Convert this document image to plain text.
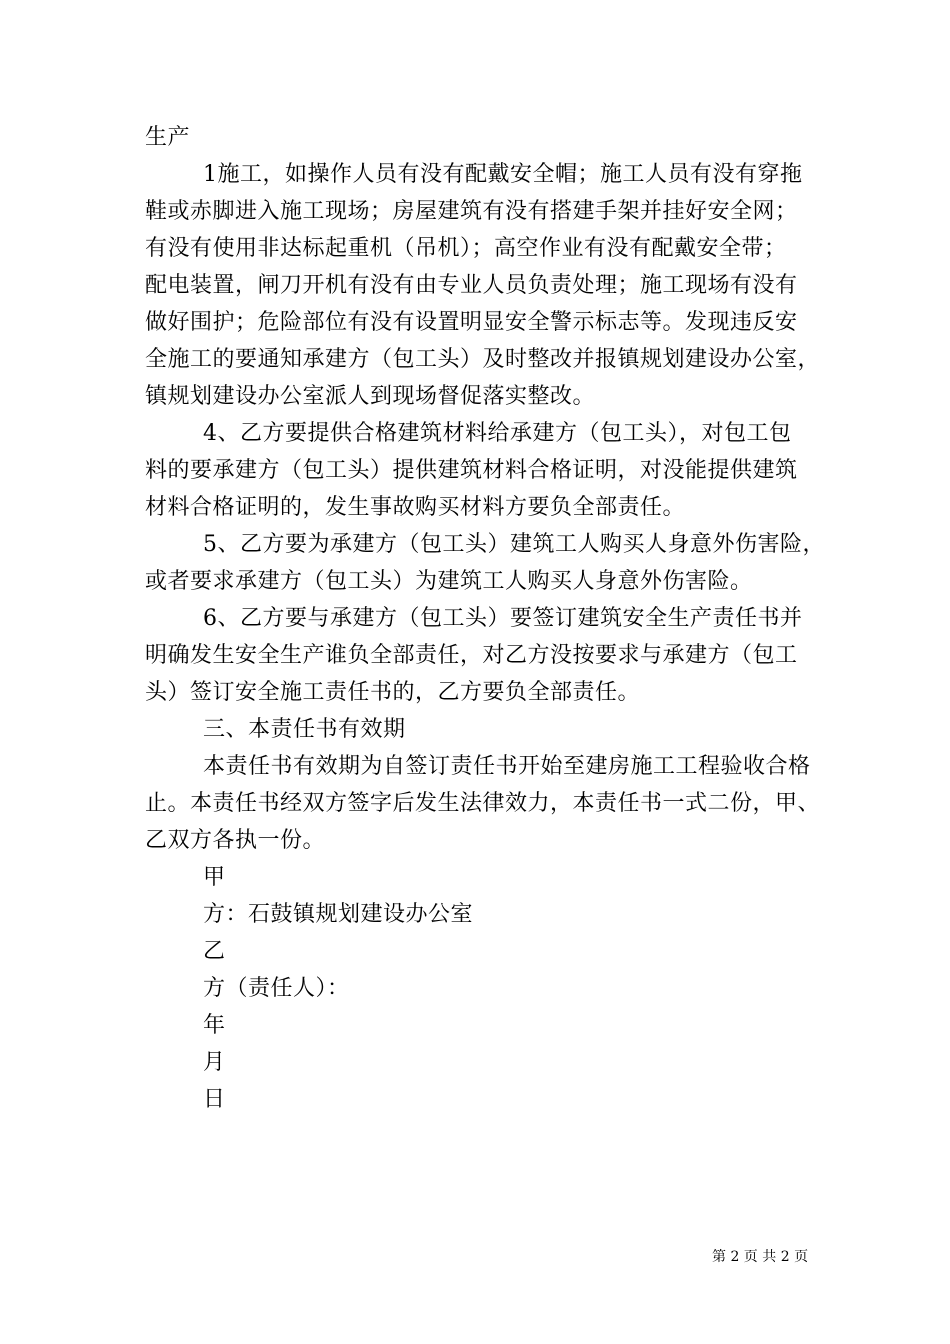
生产
1施工，如操作人员有没有配戴安全帽；施工人员有没有穿拖
鞋或赤脚进入施工现场；房屋建筑有没有搭建手架并挂好安全网；
有没有使用非达标起重机（吊机）；高空作业有没有配戴安全带；
配电装置，闸刀开机有没有由专业人员负责处理；施工现场有没有
做好围护；危险部位有没有设置明显安全警示标志等。发现违反安
全施工的要通知承建方（包工头）及时整改并报镇规划建设办公室，
镇规划建设办公室派人到现场督促落实整改。
4、乙方要提供合格建筑材料给承建方（包工头），对包工包
料的要承建方（包工头）提供建筑材料合格证明，对没能提供建筑
材料合格证明的，发生事故购买材料方要负全部责任。
5、乙方要为承建方（包工头）建筑工人购买人身意外伤害险，
或者要求承建方（包工头）为建筑工人购买人身意外伤害险。
6、乙方要与承建方（包工头）要签订建筑安全生产责任书并
明确发生安全生产谁负全部责任，对乙方没按要求与承建方（包工
头）签订安全施工责任书的，乙方要负全部责任。
三、本责任书有效期
本责任书有效期为自签订责任书开始至建房施工工程验收合格
止。本责任书经双方签字后发生法律效力，本责任书一式二份，甲、
乙双方各执一份。
甲
方：石鼓镇规划建设办公室
乙
方（责任人）：
年
月
日
第 2 页 共 2 页
